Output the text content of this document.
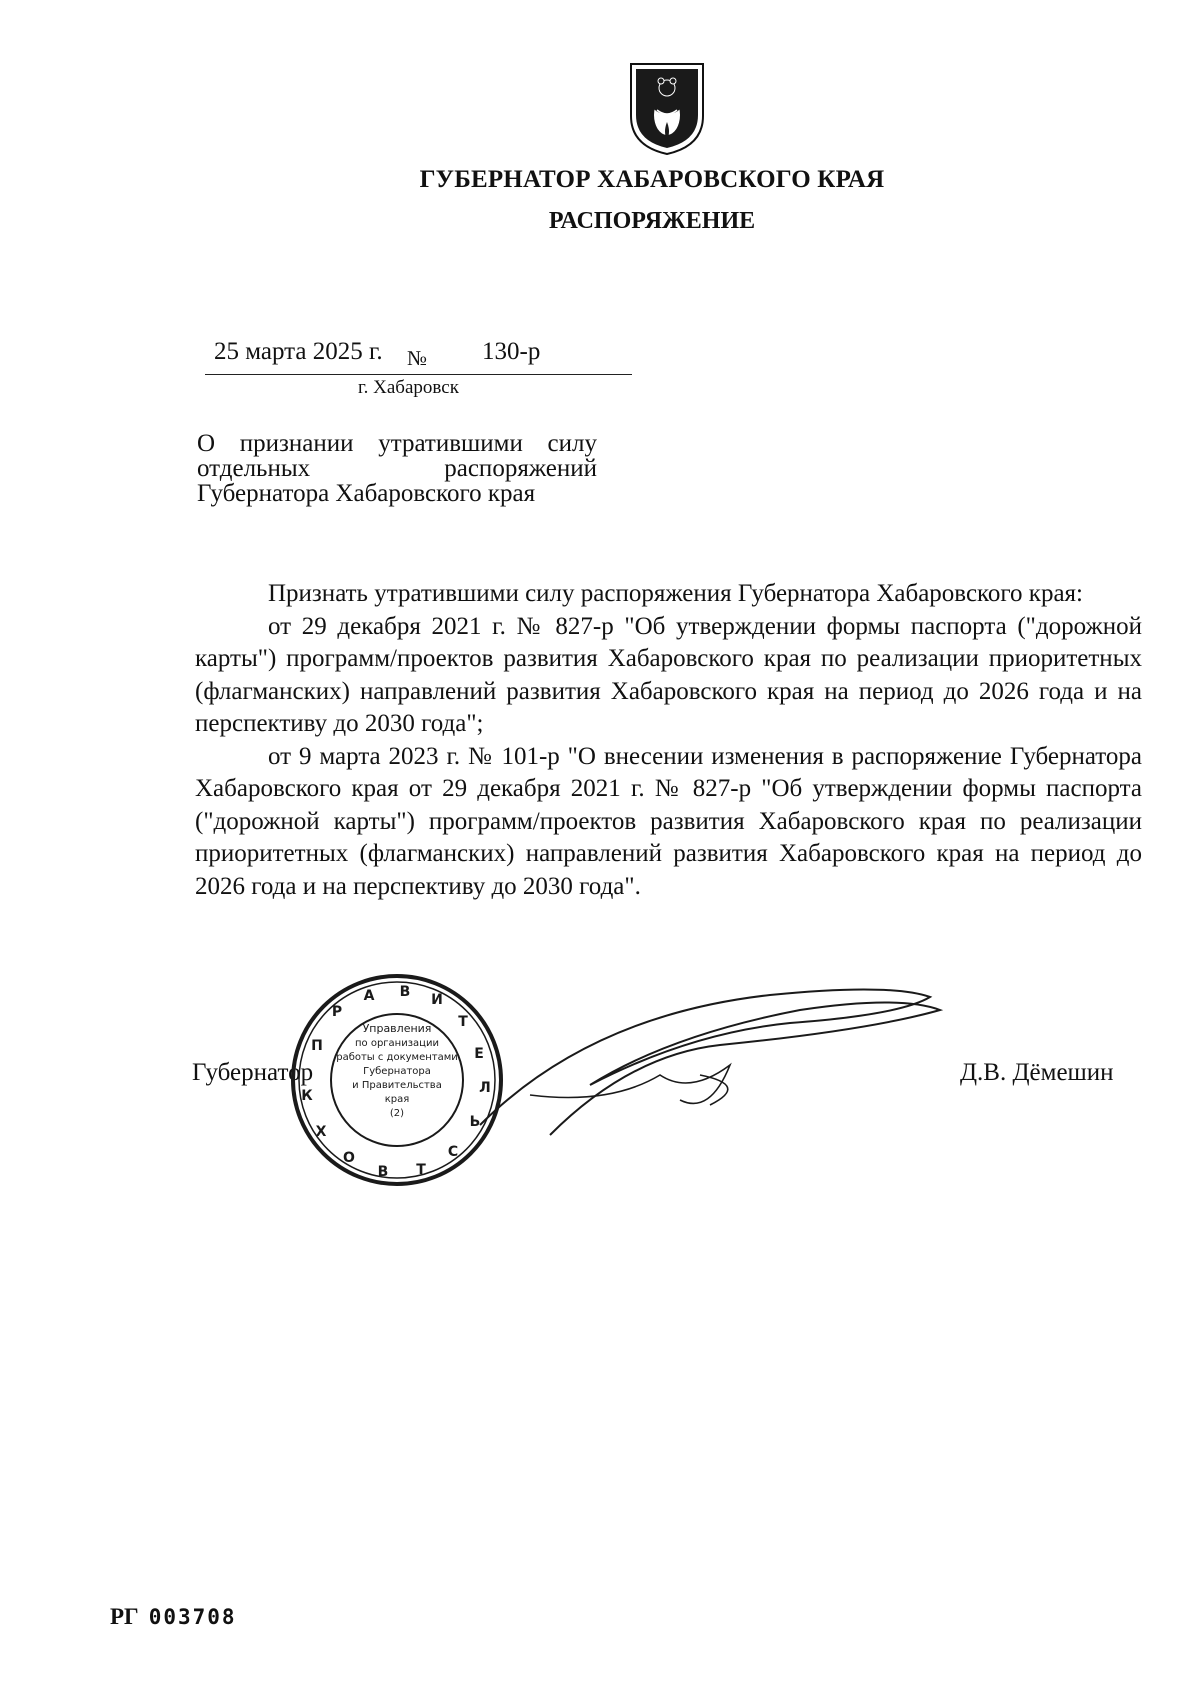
ГУБЕРНАТОР ХАБАРОВСКОГО КРАЯ
РАСПОРЯЖЕНИЕ
25 марта 2025 г. № 130-р
г. Хабаровск
О признании утратившими силу
отдельных распоряжений
Губернатора Хабаровского края

Признать утратившими силу распоряжения Губернатора Хабаровского края:

от 29 декабря 2021 г. № 827-р "Об утверждении формы паспорта ("дорожной карты") программ/проектов развития Хабаровского края по реализации приоритетных (флагманских) направлений развития Хабаровского края на период до 2026 года и на перспективу до 2030 года";

от 9 марта 2023 г. № 101-р "О внесении изменения в распоряжение Губернатора Хабаровского края от 29 декабря 2021 г. № 827-р "Об утверждении формы паспорта ("дорожной карты") программ/проектов развития Хабаровского края по реализации приоритетных (флагманских) направлений развития Хабаровского края на период до 2026 года и на перспективу до 2030 года".

Губернатор	Д.В. Дёмешин
Управления
по организации
работы с документами
Губернатора
и Правительства
края
(2)
П
Р
А В И
Т
Е
Л
Ь
С
Т
В
О
Х
К
РГ 003708
